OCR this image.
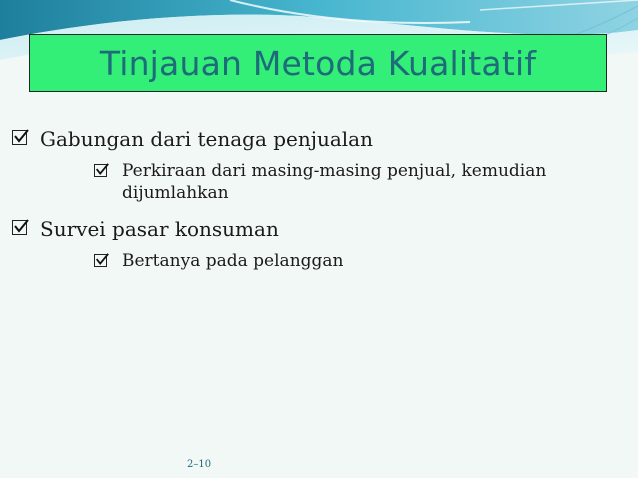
Tinjauan Metoda Kualitatif
Gabungan dari tenaga penjualan
Perkiraan dari masing-masing penjual, kemudian dijumlahkan
Survei pasar konsuman
Bertanya pada pelanggan
2–10
